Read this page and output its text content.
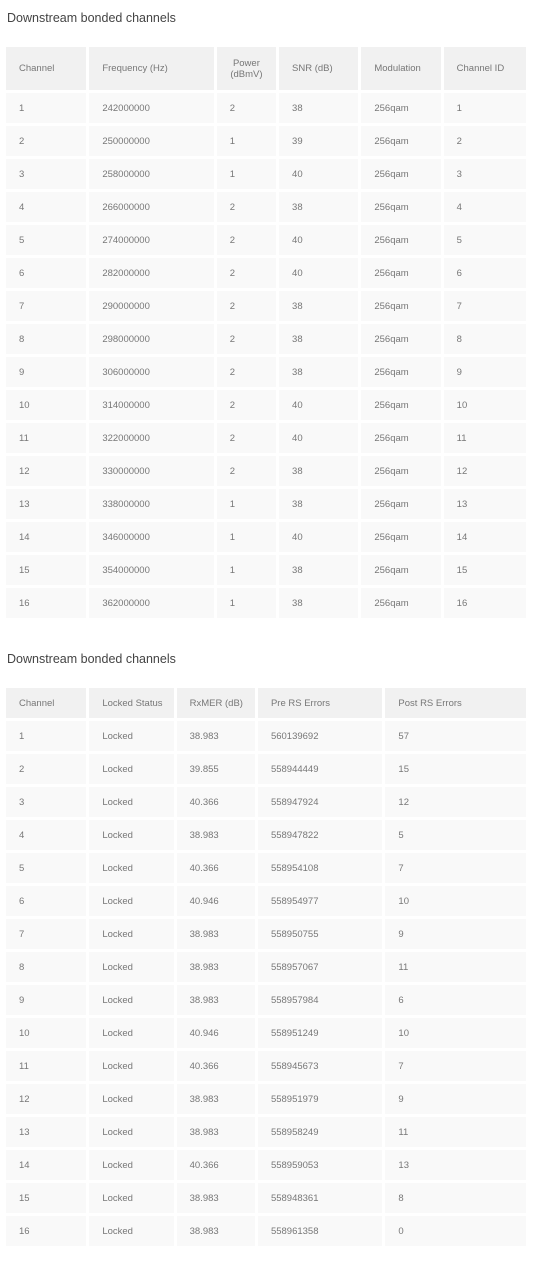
Downstream bonded channels
Channel	Frequency (Hz)	Power (dBmV)	SNR (dB)	Modulation	Channel ID
1	242000000	2	38	256qam	1
2	250000000	1	39	256qam	2
3	258000000	1	40	256qam	3
4	266000000	2	38	256qam	4
5	274000000	2	40	256qam	5
6	282000000	2	40	256qam	6
7	290000000	2	38	256qam	7
8	298000000	2	38	256qam	8
9	306000000	2	38	256qam	9
10	314000000	2	40	256qam	10
11	322000000	2	40	256qam	11
12	330000000	2	38	256qam	12
13	338000000	1	38	256qam	13
14	346000000	1	40	256qam	14
15	354000000	1	38	256qam	15
16	362000000	1	38	256qam	16
Downstream bonded channels
Channel	Locked Status	RxMER (dB)	Pre RS Errors	Post RS Errors
1	Locked	38.983	560139692	57
2	Locked	39.855	558944449	15
3	Locked	40.366	558947924	12
4	Locked	38.983	558947822	5
5	Locked	40.366	558954108	7
6	Locked	40.946	558954977	10
7	Locked	38.983	558950755	9
8	Locked	38.983	558957067	11
9	Locked	38.983	558957984	6
10	Locked	40.946	558951249	10
11	Locked	40.366	558945673	7
12	Locked	38.983	558951979	9
13	Locked	38.983	558958249	11
14	Locked	40.366	558959053	13
15	Locked	38.983	558948361	8
16	Locked	38.983	558961358	0
